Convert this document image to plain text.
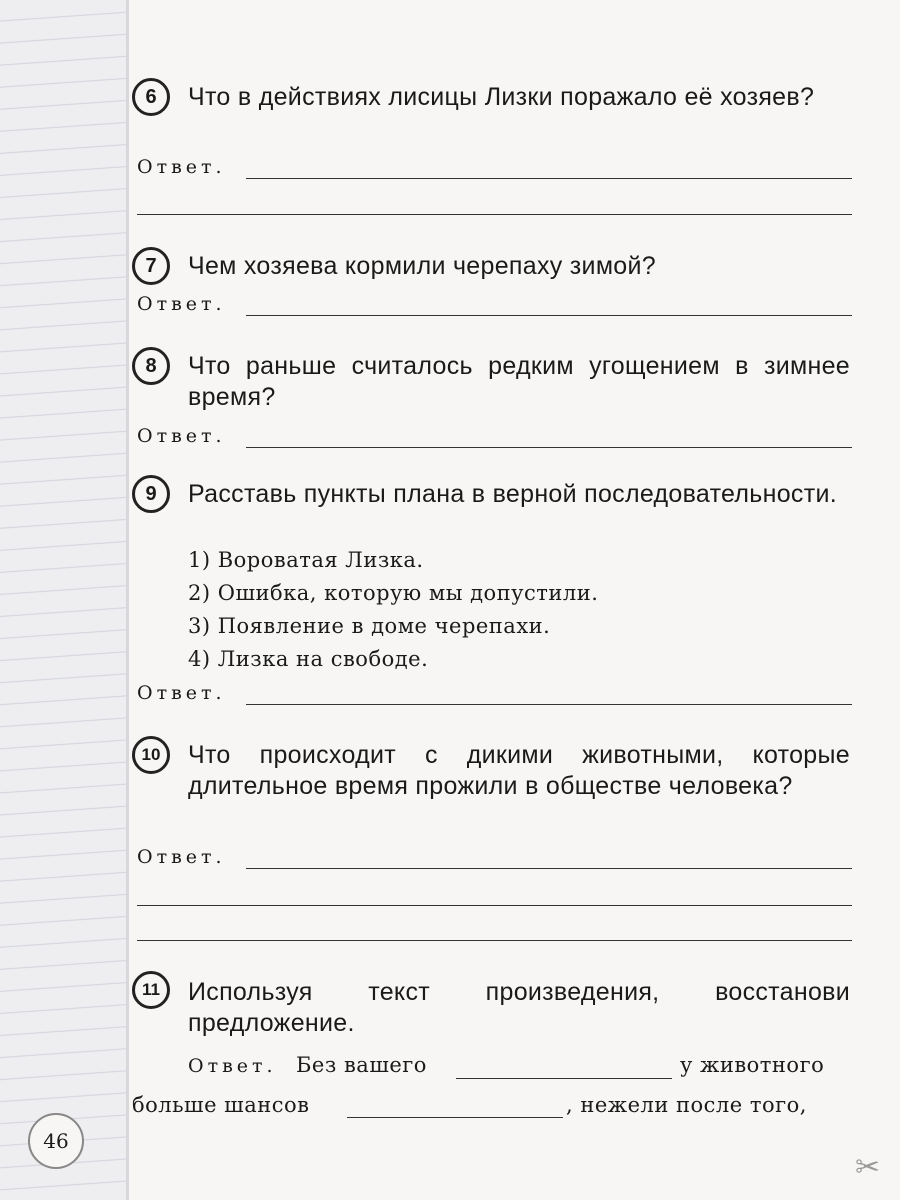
6	Что в действиях лисицы Лизки поражало её хозяев?
Ответ.
7	Чем хозяева кормили черепаху зимой?
Ответ.
8	Что раньше считалось редким угощением в зимнее время?
Ответ.
9	Расставь пункты плана в верной последовательности.
1) Вороватая Лизка.
2) Ошибка, которую мы допустили.
3) Появление в доме черепахи.
4) Лизка на свободе.
Ответ.
10	Что происходит с дикими животными, которые длительное время прожили в обществе человека?
Ответ.
11	Используя текст произведения, восстанови предложение.
Ответ. Без вашего	у животного
больше шансов	, нежели после того,
46
✂
